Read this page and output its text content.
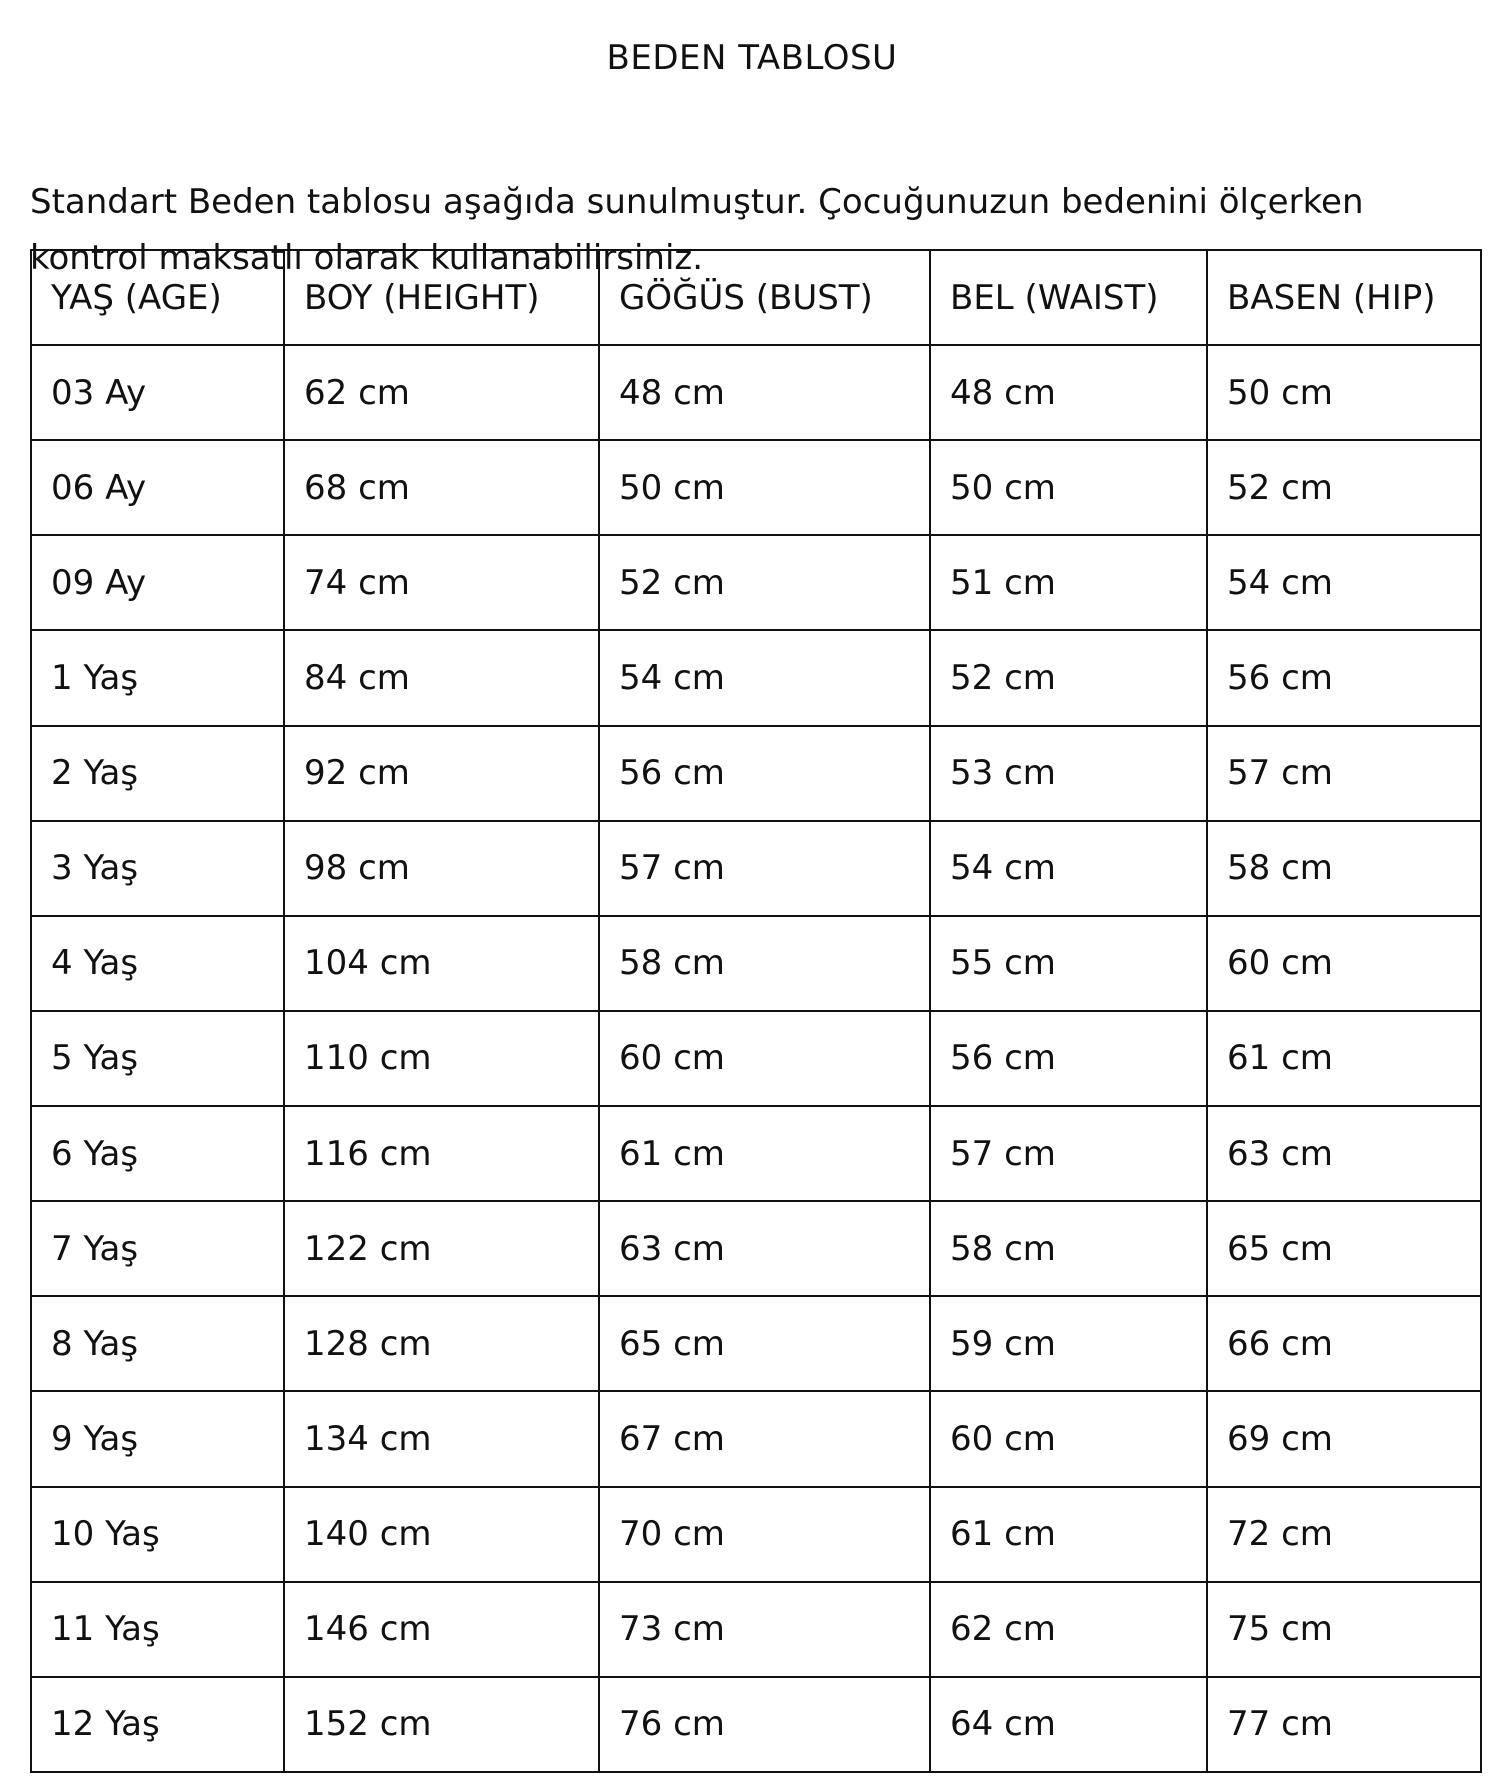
BEDEN TABLOSU

Standart Beden tablosu aşağıda sunulmuştur. Çocuğunuzun bedenini ölçerken kontrol maksatlı olarak kullanabilirsiniz.

YAŞ (AGE)	BOY (HEIGHT)	GÖĞÜS (BUST)	BEL (WAIST)	BASEN (HIP)
03 Ay	62 cm	48 cm	48 cm	50 cm
06 Ay	68 cm	50 cm	50 cm	52 cm
09 Ay	74 cm	52 cm	51 cm	54 cm
1 Yaş	84 cm	54 cm	52 cm	56 cm
2 Yaş	92 cm	56 cm	53 cm	57 cm
3 Yaş	98 cm	57 cm	54 cm	58 cm
4 Yaş	104 cm	58 cm	55 cm	60 cm
5 Yaş	110 cm	60 cm	56 cm	61 cm
6 Yaş	116 cm	61 cm	57 cm	63 cm
7 Yaş	122 cm	63 cm	58 cm	65 cm
8 Yaş	128 cm	65 cm	59 cm	66 cm
9 Yaş	134 cm	67 cm	60 cm	69 cm
10 Yaş	140 cm	70 cm	61 cm	72 cm
11 Yaş	146 cm	73 cm	62 cm	75 cm
12 Yaş	152 cm	76 cm	64 cm	77 cm
